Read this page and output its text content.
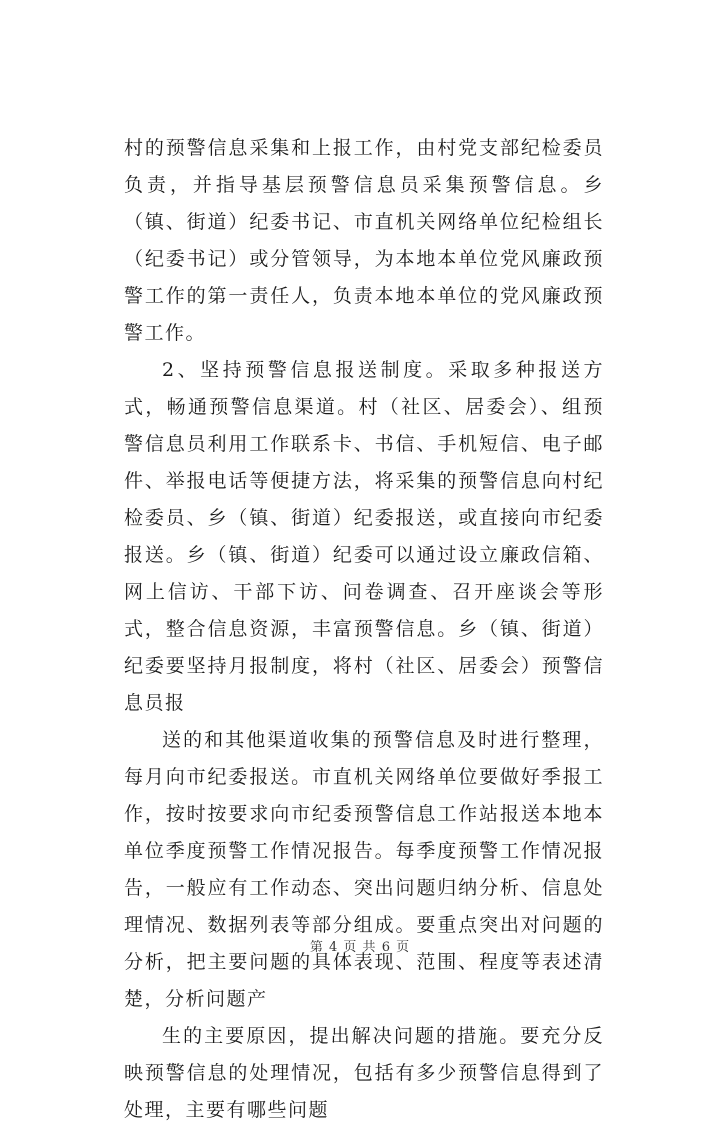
村的预警信息采集和上报工作，由村党支部纪检委员负责，并指导基层预警信息员采集预警信息。乡（镇、街道）纪委书记、市直机关网络单位纪检组长（纪委书记）或分管领导，为本地本单位党风廉政预警工作的第一责任人，负责本地本单位的党风廉政预警工作。

2、坚持预警信息报送制度。采取多种报送方式，畅通预警信息渠道。村（社区、居委会）、组预警信息员利用工作联系卡、书信、手机短信、电子邮件、举报电话等便捷方法，将采集的预警信息向村纪检委员、乡（镇、街道）纪委报送，或直接向市纪委报送。乡（镇、街道）纪委可以通过设立廉政信箱、网上信访、干部下访、问卷调查、召开座谈会等形式，整合信息资源，丰富预警信息。乡（镇、街道）纪委要坚持月报制度，将村（社区、居委会）预警信息员报

送的和其他渠道收集的预警信息及时进行整理，每月向市纪委报送。市直机关网络单位要做好季报工作，按时按要求向市纪委预警信息工作站报送本地本单位季度预警工作情况报告。每季度预警工作情况报告，一般应有工作动态、突出问题归纳分析、信息处理情况、数据列表等部分组成。要重点突出对问题的分析，把主要问题的具体表现、范围、程度等表述清楚，分析问题产

生的主要原因，提出解决问题的措施。要充分反映预警信息的处理情况，包括有多少预警信息得到了处理，主要有哪些问题

第 4 页 共 6 页
